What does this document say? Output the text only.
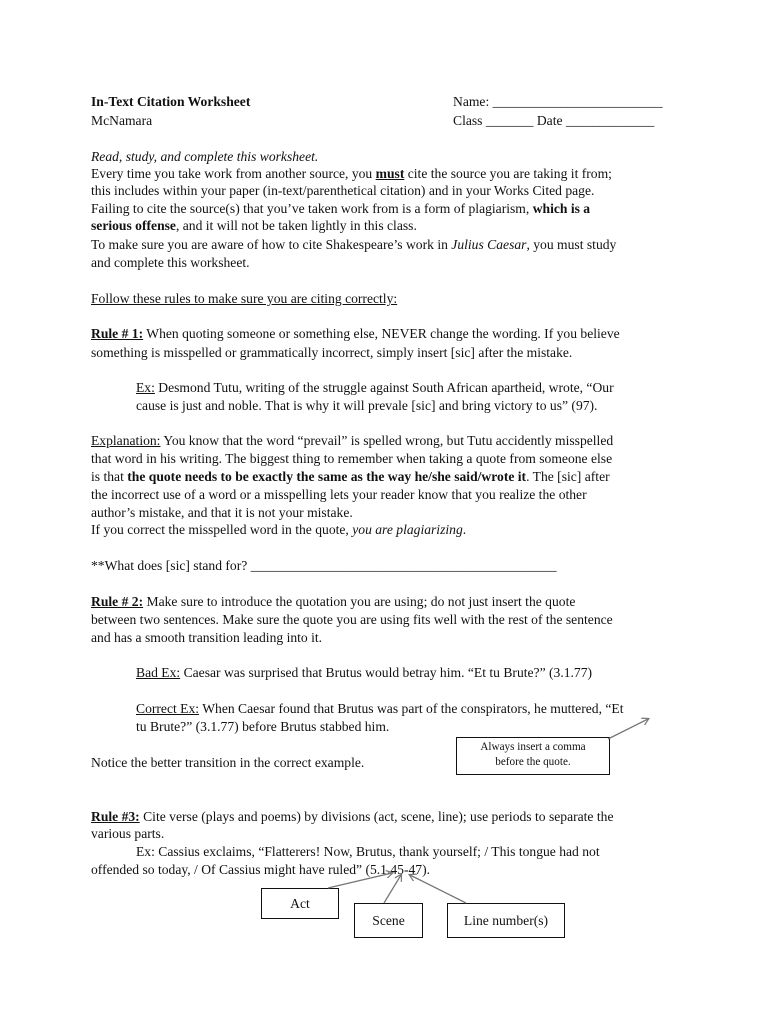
In-Text Citation Worksheet
McNamara
Name: _________________________
Class _______ Date _____________
Read, study, and complete this worksheet.
Every time you take work from another source, you must cite the source you are taking it from;
this includes within your paper (in-text/parenthetical citation) and in your Works Cited page.
Failing to cite the source(s) that you’ve taken work from is a form of plagiarism, which is a
serious offense, and it will not be taken lightly in this class.
To make sure you are aware of how to cite Shakespeare’s work in Julius Caesar, you must study
and complete this worksheet.
Follow these rules to make sure you are citing correctly:
Rule # 1: When quoting someone or something else, NEVER change the wording. If you believe
something is misspelled or grammatically incorrect, simply insert [sic] after the mistake.
Ex: Desmond Tutu, writing of the struggle against South African apartheid, wrote, “Our
cause is just and noble. That is why it will prevale [sic] and bring victory to us” (97).
Explanation: You know that the word “prevail” is spelled wrong, but Tutu accidently misspelled
that word in his writing. The biggest thing to remember when taking a quote from someone else
is that the quote needs to be exactly the same as the way he/she said/wrote it. The [sic] after
the incorrect use of a word or a misspelling lets your reader know that you realize the other
author’s mistake, and that it is not your mistake.
If you correct the misspelled word in the quote, you are plagiarizing.
**What does [sic] stand for? _____________________________________________
Rule # 2: Make sure to introduce the quotation you are using; do not just insert the quote
between two sentences. Make sure the quote you are using fits well with the rest of the sentence
and has a smooth transition leading into it.
Bad Ex: Caesar was surprised that Brutus would betray him. “Et tu Brute?” (3.1.77)
Correct Ex: When Caesar found that Brutus was part of the conspirators, he muttered, “Et
tu Brute?” (3.1.77) before Brutus stabbed him.
Always insert a comma
before the quote.
Notice the better transition in the correct example.
Rule #3: Cite verse (plays and poems) by divisions (act, scene, line); use periods to separate the
various parts.
Ex: Cassius exclaims, “Flatterers! Now, Brutus, thank yourself; / This tongue had not
offended so today, / Of Cassius might have ruled” (5.1.45-47).
Act
Scene	Line number(s)
